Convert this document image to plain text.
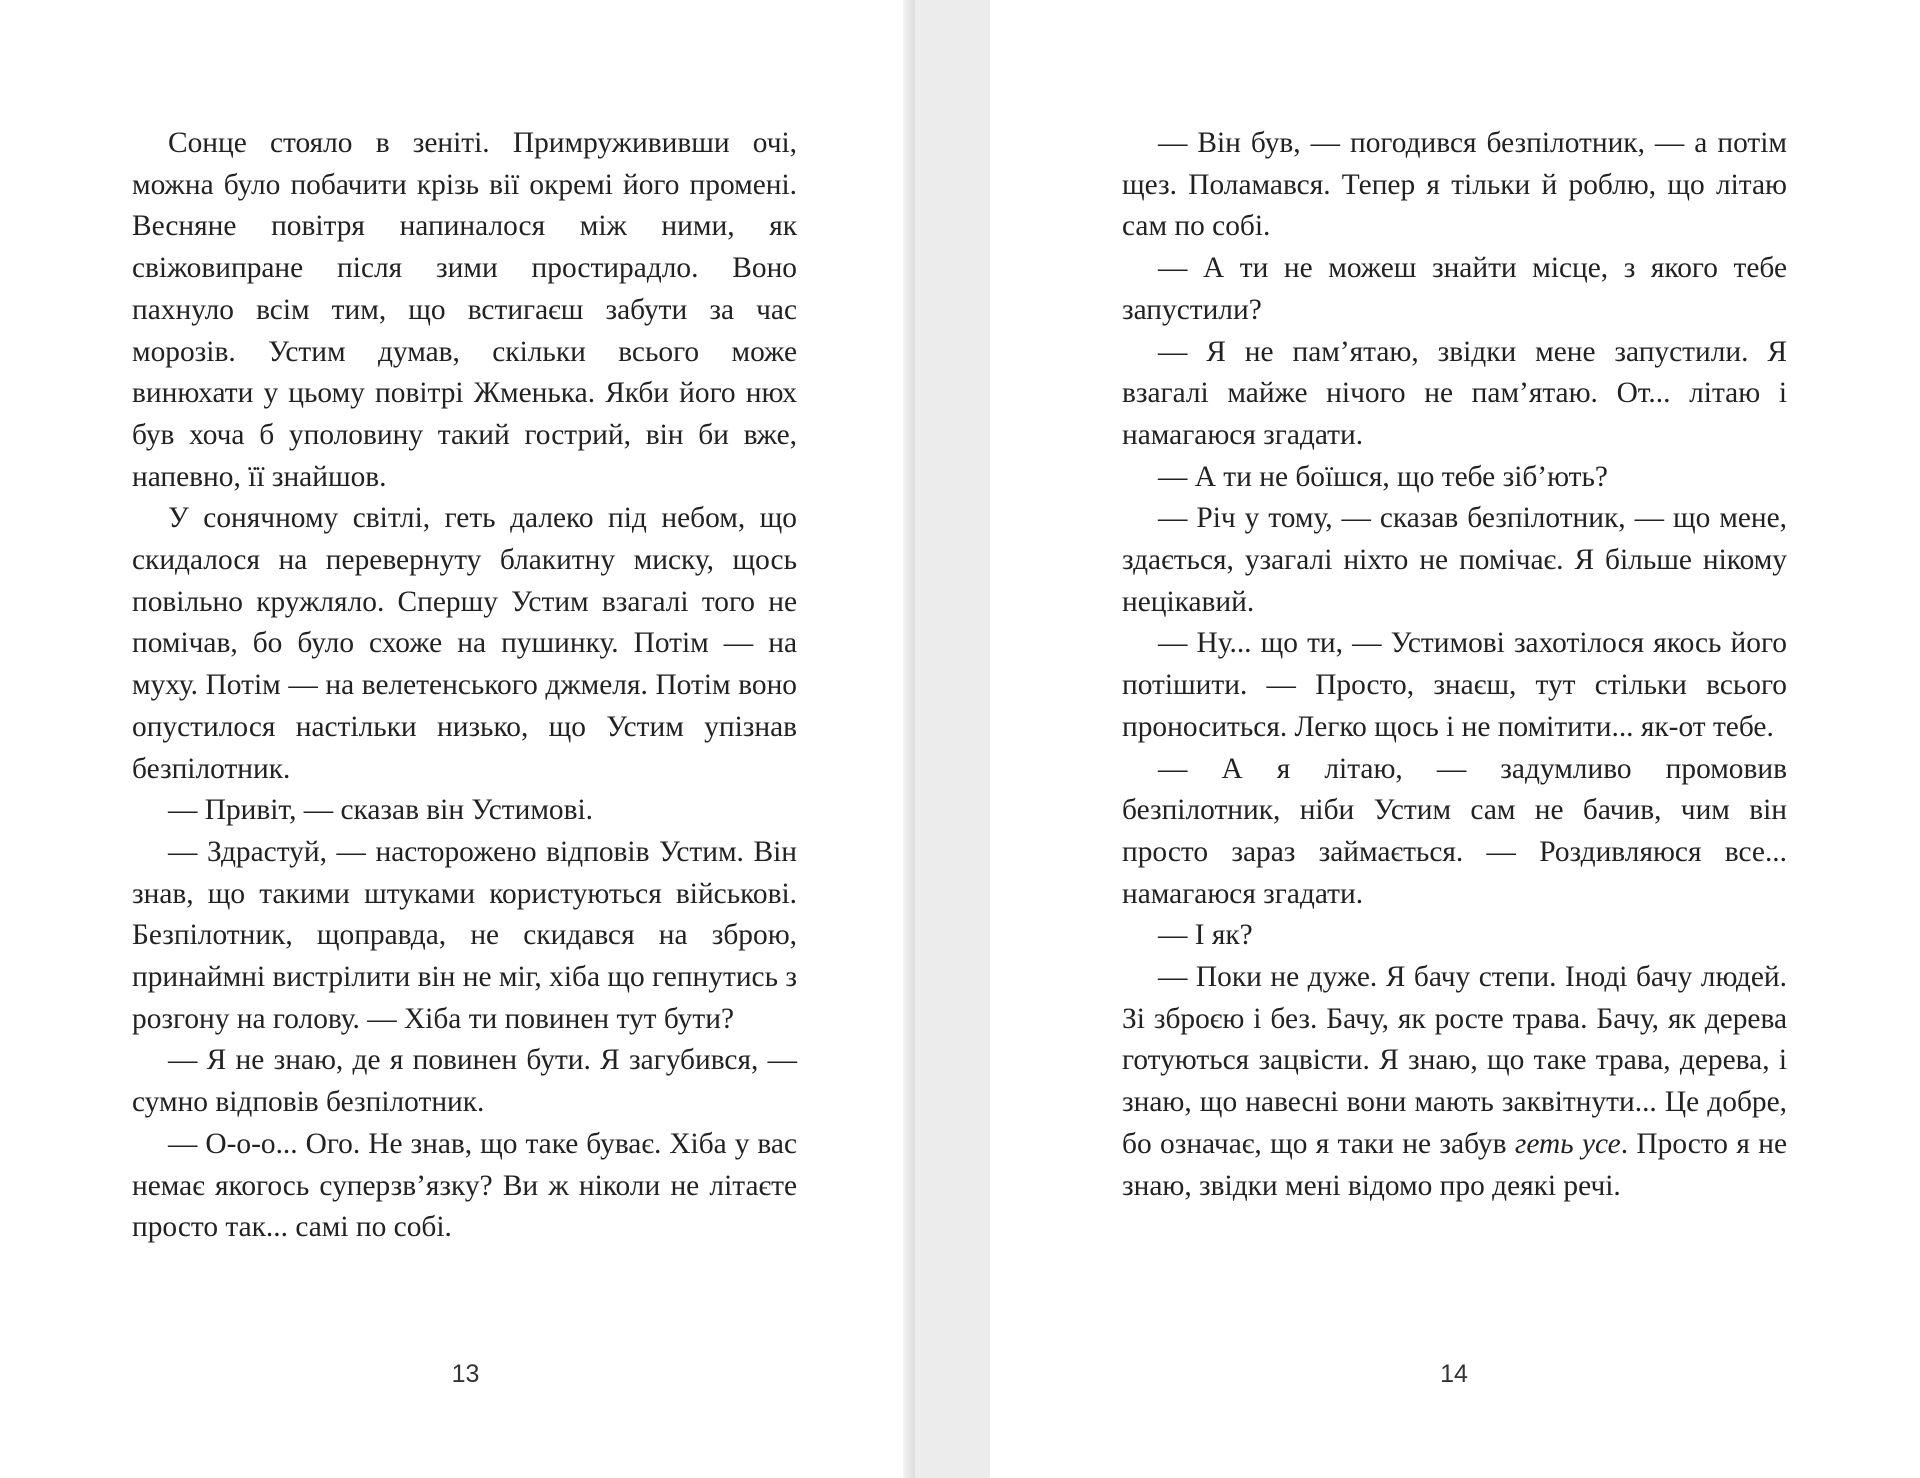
Сонце стояло в зеніті. Примружививши очі, можна було побачити крізь вії окремі його промені. Весняне повітря напиналося між ними, як свіжовипране після зими простирадло. Воно пахнуло всім тим, що встигаєш забути за час морозів. Устим думав, скільки всього може винюхати у цьому повітрі Жменька. Якби його нюх був хоча б уполовину такий гострий, він би вже, напевно, її знайшов.

У сонячному світлі, геть далеко під небом, що скидалося на перевернуту блакитну миску, щось повільно кружляло. Спершу Устим взагалі того не помічав, бо було схоже на пушинку. Потім — на муху. Потім — на велетенського джмеля. Потім воно опустилося настільки низько, що Устим упізнав безпілотник.

— Привіт, — сказав він Устимові.

— Здрастуй, — насторожено відповів Устим. Він знав, що такими штуками користуються військові. Безпілотник, щоправда, не скидався на зброю, принаймні вистрілити він не міг, хіба що гепнутись з розгону на голову. — Хіба ти повинен тут бути?

— Я не знаю, де я повинен бути. Я загубився, — сумно відповів безпілотник.

— О-о-о... Ого. Не знав, що таке буває. Хіба у вас немає якогось суперзв’язку? Ви ж ніколи не літаєте просто так... самі по собі.

13

— Він був, — погодився безпілотник, — а потім щез. Поламався. Тепер я тільки й роблю, що літаю сам по собі.

— А ти не можеш знайти місце, з якого тебе запустили?

— Я не пам’ятаю, звідки мене запустили. Я взагалі майже нічого не пам’ятаю. От... літаю і намагаюся згадати.

— А ти не боїшся, що тебе зіб’ють?

— Річ у тому, — сказав безпілотник, — що мене, здається, узагалі ніхто не помічає. Я більше нікому нецікавий.

— Ну... що ти, — Устимові захотілося якось його потішити. — Просто, знаєш, тут стільки всього проноситься. Легко щось і не помітити... як-от тебе.

— А я літаю, — задумливо промовив безпілотник, ніби Устим сам не бачив, чим він просто зараз займається. — Роздивляюся все... намагаюся згадати.

— І як?

— Поки не дуже. Я бачу степи. Іноді бачу людей. Зі зброєю і без. Бачу, як росте трава. Бачу, як дерева готуються зацвісти. Я знаю, що таке трава, дерева, і знаю, що навесні вони мають заквітнути... Це добре, бо означає, що я таки не забув геть усе. Просто я не знаю, звідки мені відомо про деякі речі.

14
